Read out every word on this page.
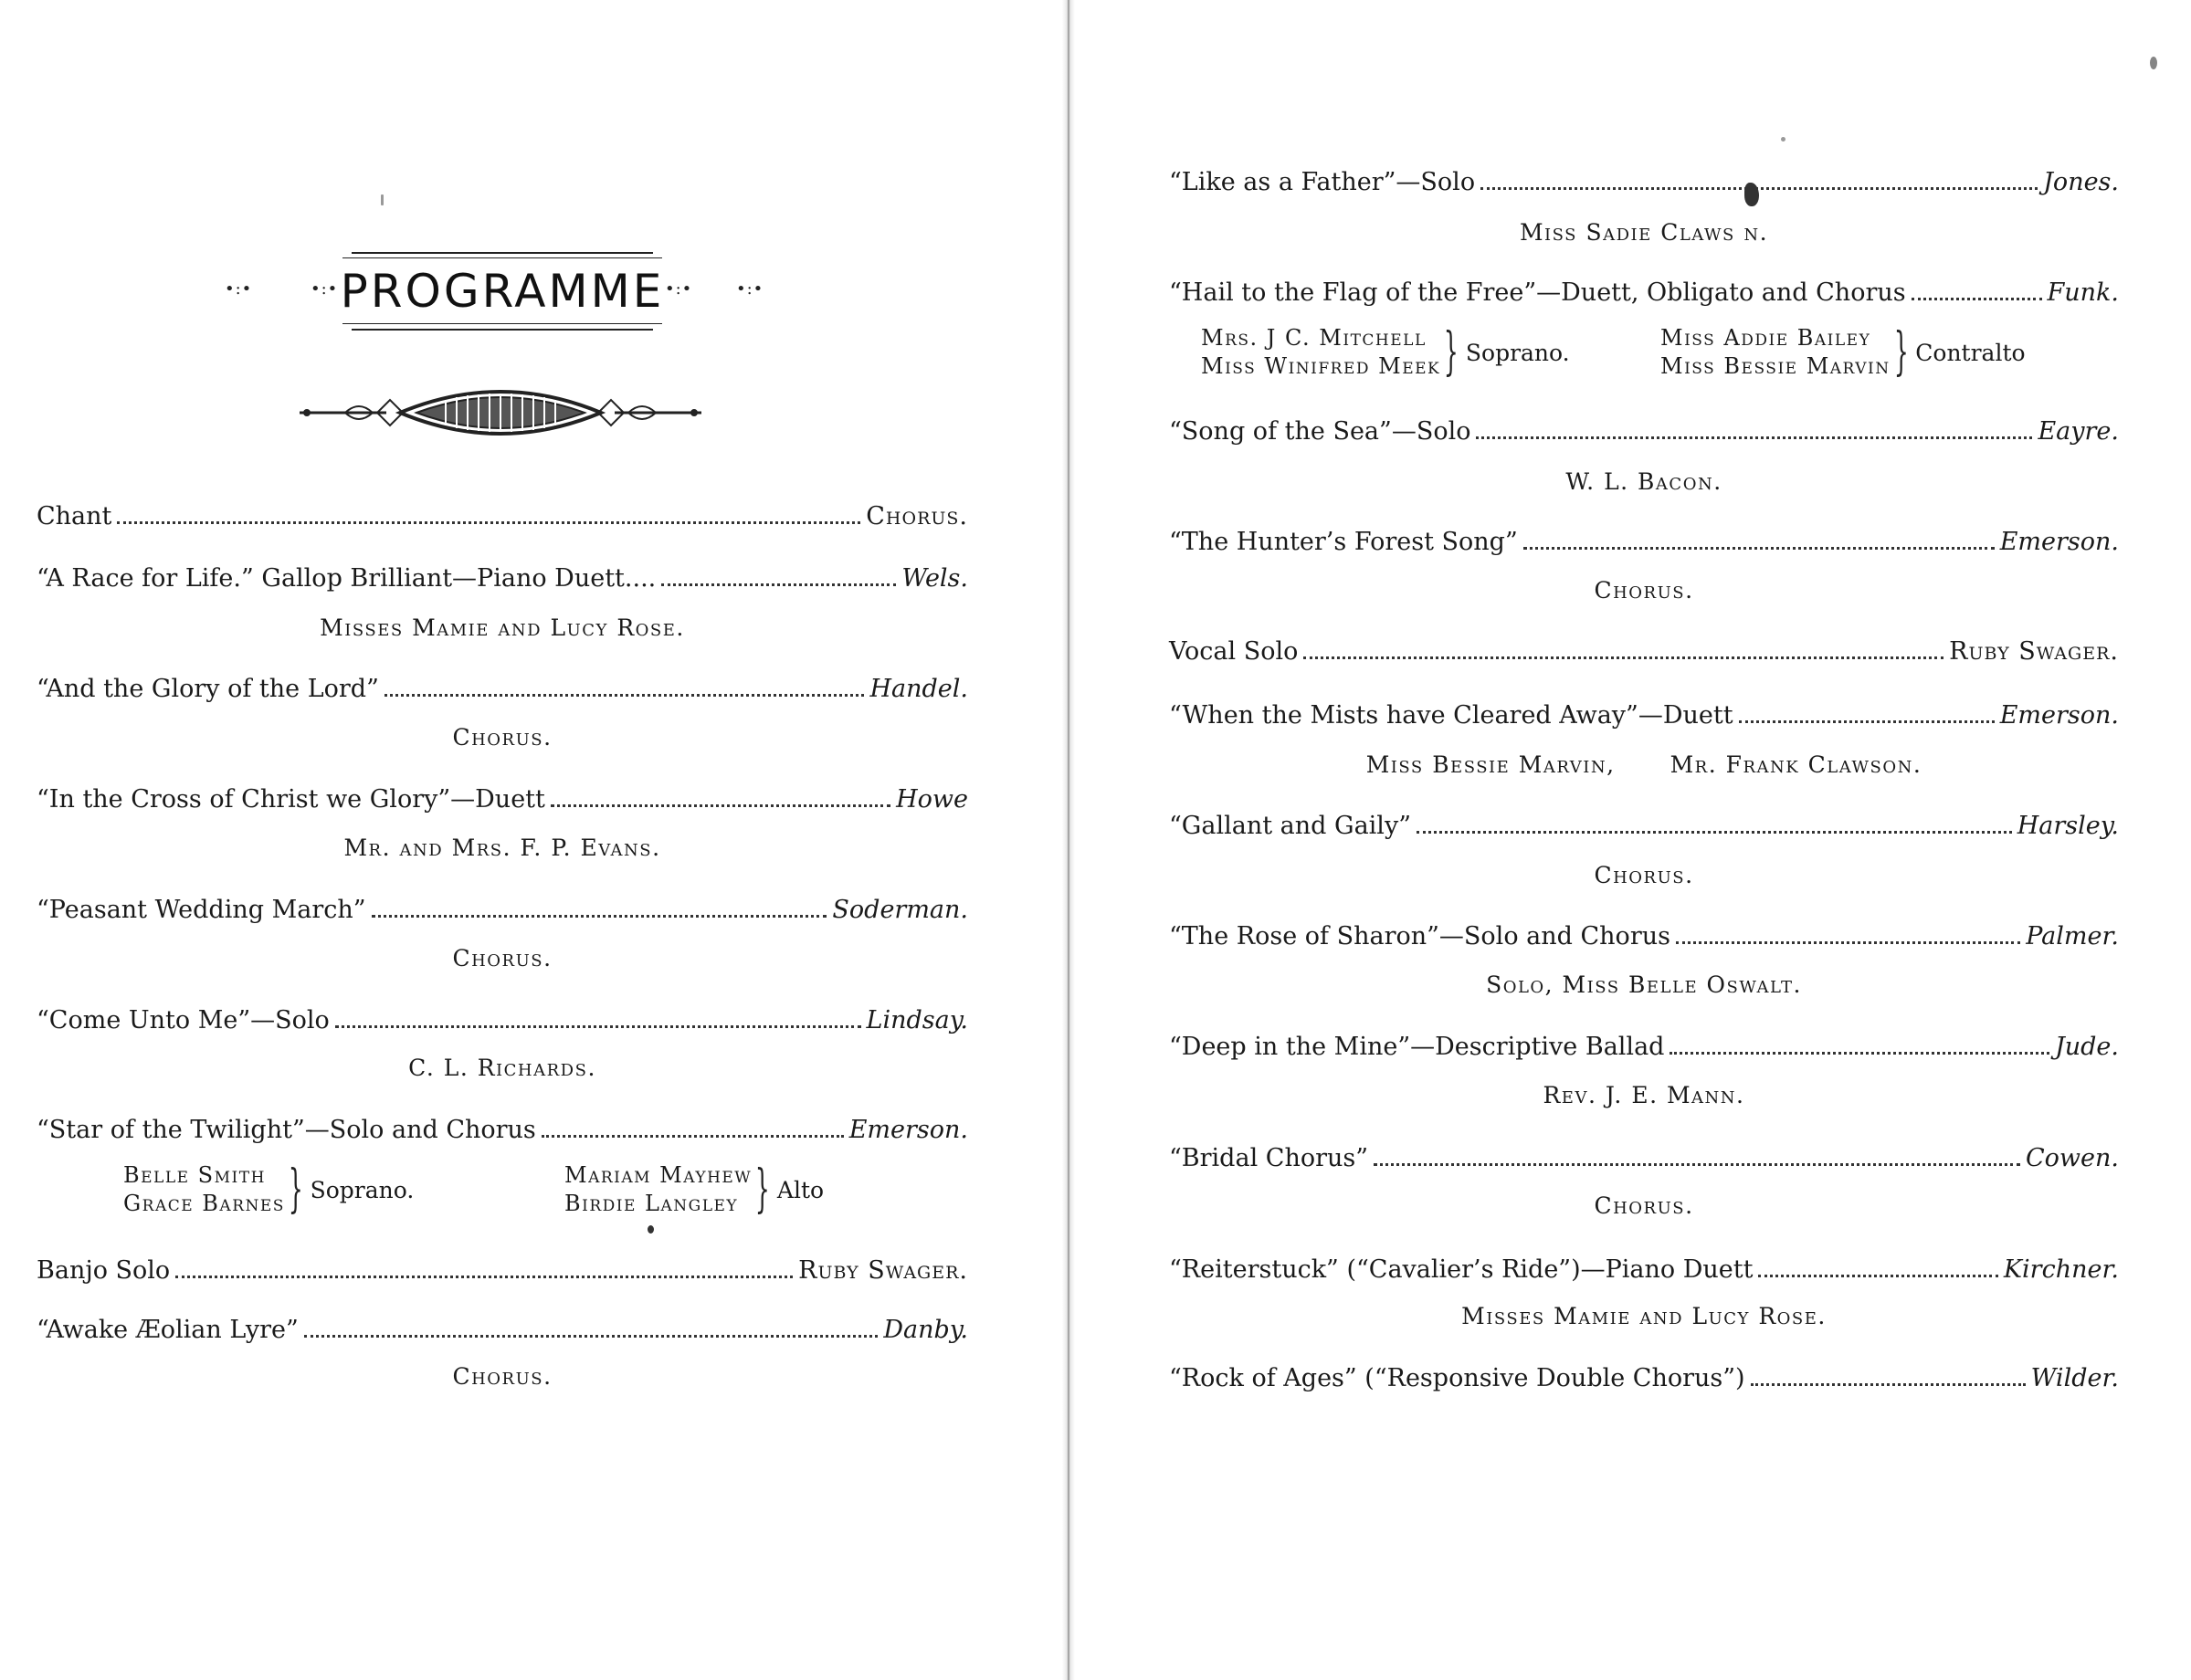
PROGRAMME
•:•	•:•	•:•	•:•
Chant	Chorus.
“A Race for Life.” Gallop Brilliant—Piano Duett....	Wels.
Misses Mamie and Lucy Rose.
“And the Glory of the Lord”	Handel.
Chorus.
“In the Cross of Christ we Glory”—Duett	Howe
Mr. and Mrs. F. P. Evans.
“Peasant Wedding March”	Soderman.
Chorus.
“Come Unto Me”—Solo	Lindsay.
C. L. Richards.
“Star of the Twilight”—Solo and Chorus	Emerson.
Belle Smith
Grace Barnes } Soprano.
Mariam Mayhew
Birdie Langley } Alto
Banjo Solo	Ruby Swager.
“Awake Æolian Lyre”	Danby.
Chorus.
“Like as a Father”—Solo	Jones.
Miss Sadie Claws n.
“Hail to the Flag of the Free”—Duett, Obligato and Chorus	Funk.
Mrs. J C. Mitchell
Miss Winifred Meek } Soprano.
Miss Addie Bailey
Miss Bessie Marvin } Contralto
“Song of the Sea”—Solo	Eayre.
W. L. Bacon.
“The Hunter’s Forest Song”	Emerson.
Chorus.
Vocal Solo	Ruby Swager.
“When the Mists have Cleared Away”—Duett	Emerson.
Miss Bessie Marvin, Mr. Frank Clawson.
“Gallant and Gaily”	Harsley.
Chorus.
“The Rose of Sharon”—Solo and Chorus	Palmer.
Solo, Miss Belle Oswalt.
“Deep in the Mine”—Descriptive Ballad	Jude.
Rev. J. E. Mann.
“Bridal Chorus”	Cowen.
Chorus.
“Reiterstuck” (“Cavalier’s Ride”)—Piano Duett	Kirchner.
Misses Mamie and Lucy Rose.
“Rock of Ages” (“Responsive Double Chorus”)	Wilder.
